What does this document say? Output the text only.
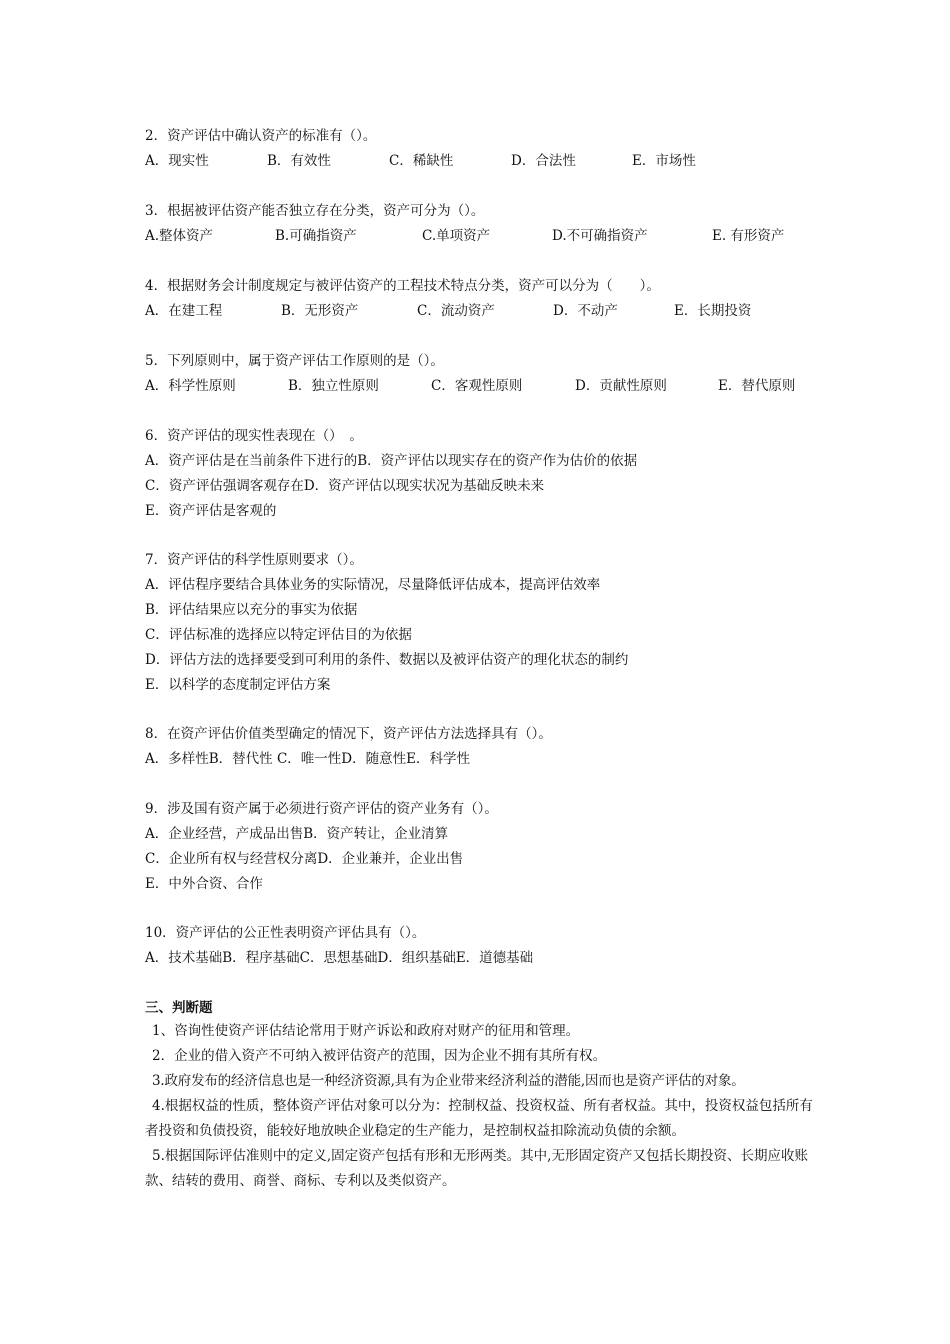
2．资产评估中确认资产的标准有（）。
A．现实性	B．有效性	C．稀缺性	D．合法性	E．市场性
3．根据被评估资产能否独立存在分类，资产可分为（）。
A.整体资产	B.可确指资产	C.单项资产	D.不可确指资产	E. 有形资产
4．根据财务会计制度规定与被评估资产的工程技术特点分类，资产可以分为（　　）。
A．在建工程	B．无形资产	C．流动资产	D．不动产	E．长期投资
5．下列原则中，属于资产评估工作原则的是（）。
A．科学性原则	B．独立性原则	C．客观性原则	D．贡献性原则	E．替代原则
6．资产评估的现实性表现在（）　。
A．资产评估是在当前条件下进行的B．资产评估以现实存在的资产作为估价的依据
C．资产评估强调客观存在D．资产评估以现实状况为基础反映未来
E．资产评估是客观的
7．资产评估的科学性原则要求（）。
A．评估程序要结合具体业务的实际情况，尽量降低评估成本，提高评估效率
B．评估结果应以充分的事实为依据
C．评估标准的选择应以特定评估目的为依据
D．评估方法的选择要受到可利用的条件、数据以及被评估资产的理化状态的制约
E．以科学的态度制定评估方案
8．在资产评估价值类型确定的情况下，资产评估方法选择具有（）。
A．多样性B．替代性 C．唯一性D．随意性E．科学性
9．涉及国有资产属于必须进行资产评估的资产业务有（）。
A．企业经营，产成品出售B．资产转让，企业清算
C．企业所有权与经营权分离D．企业兼并，企业出售
E．中外合资、合作
10．资产评估的公正性表明资产评估具有（）。
A．技术基础B．程序基础C．思想基础D．组织基础E．道德基础
三、判断题

1、咨询性使资产评估结论常用于财产诉讼和政府对财产的征用和管理。

2．企业的借入资产不可纳入被评估资产的范围，因为企业不拥有其所有权。

3.政府发布的经济信息也是一种经济资源,具有为企业带来经济利益的潜能,因而也是资产评估的对象。

4.根据权益的性质，整体资产评估对象可以分为：控制权益、投资权益、所有者权益。其中，投资权益包括所有者投资和负债投资，能较好地放映企业稳定的生产能力，是控制权益扣除流动负债的余额。

5.根据国际评估准则中的定义,固定资产包括有形和无形两类。其中,无形固定资产又包括长期投资、长期应收账款、结转的费用、商誉、商标、专利以及类似资产。
